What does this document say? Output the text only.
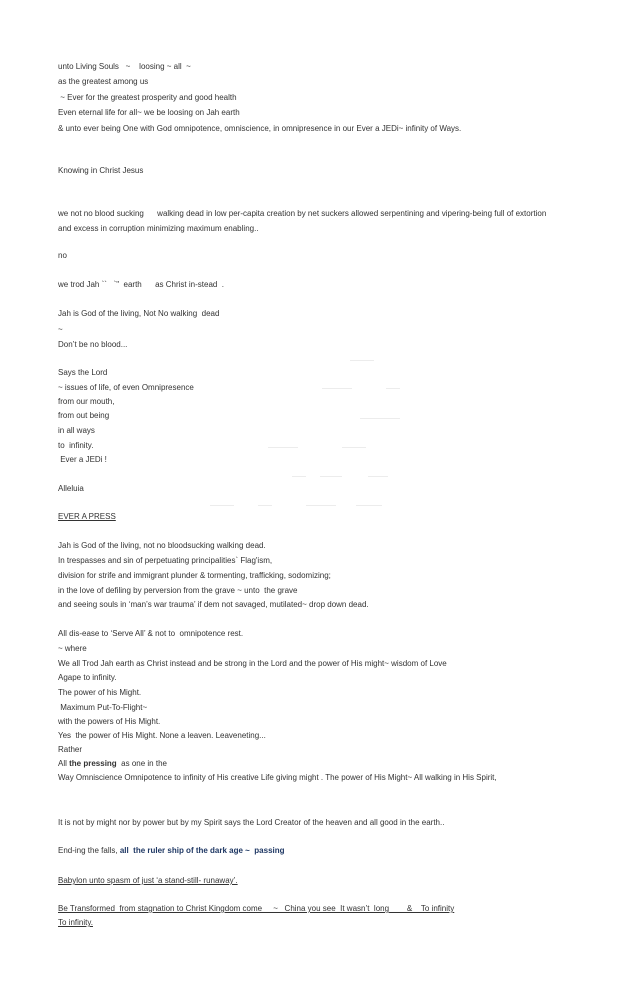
unto Living Souls   ~    loosing ~ all  ~
as the greatest among us
~ Ever for the greatest prosperity and good health
Even eternal life for all~ we be loosing on Jah earth
& unto ever being One with God omnipotence, omniscience, in omnipresence in our Ever a JEDi~ infinity of Ways.
Knowing in Christ Jesus
we not no blood sucking      walking dead in low per-capita creation by net suckers allowed serpentining and vipering-being full of extortion
and excess in corruption minimizing maximum enabling..
no
we trod Jah ``   `"  earth      as Christ in-stead  .
Jah is God of the living, Not No walking  dead
~
Don’t be no blood...
Says the Lord
~ issues of life, of even Omnipresence
from our mouth,
from out being
in all ways
to  infinity.
Ever a JEDi !
Alleluia
EVER A PRESS
Jah is God of the living, not no bloodsucking walking dead.
In trespasses and sin of perpetuating principalities` Flag'ism,
division for strife and immigrant plunder & tormenting, trafficking, sodomizing;
in the love of defiling by perversion from the grave ~ unto  the grave
and seeing souls in ‘man’s war trauma’ if dem not savaged, mutilated~ drop down dead.
All dis-ease to ‘Serve All’ & not to  omnipotence rest.
~ where
We all Trod Jah earth as Christ instead and be strong in the Lord and the power of His might~ wisdom of Love
Agape to infinity.
The power of his Might.
Maximum Put-To-Flight~
with the powers of His Might.
Yes  the power of His Might. None a leaven. Leaveneting...
Rather
All the pressing  as one in the
Way Omniscience Omnipotence to infinity of His creative Life giving might . The power of His Might~ All walking in His Spirit,
It is not by might nor by power but by my Spirit says the Lord Creator of the heaven and all good in the earth..
End-ing the falls, all  the ruler ship of the dark age ~  passing
Babylon unto spasm of just ‘a stand-still- runaway’.
Be Transformed  from stagnation to Christ Kingdom come     ~   China you see  It wasn’t  long        &    To infinity
To infinity.
